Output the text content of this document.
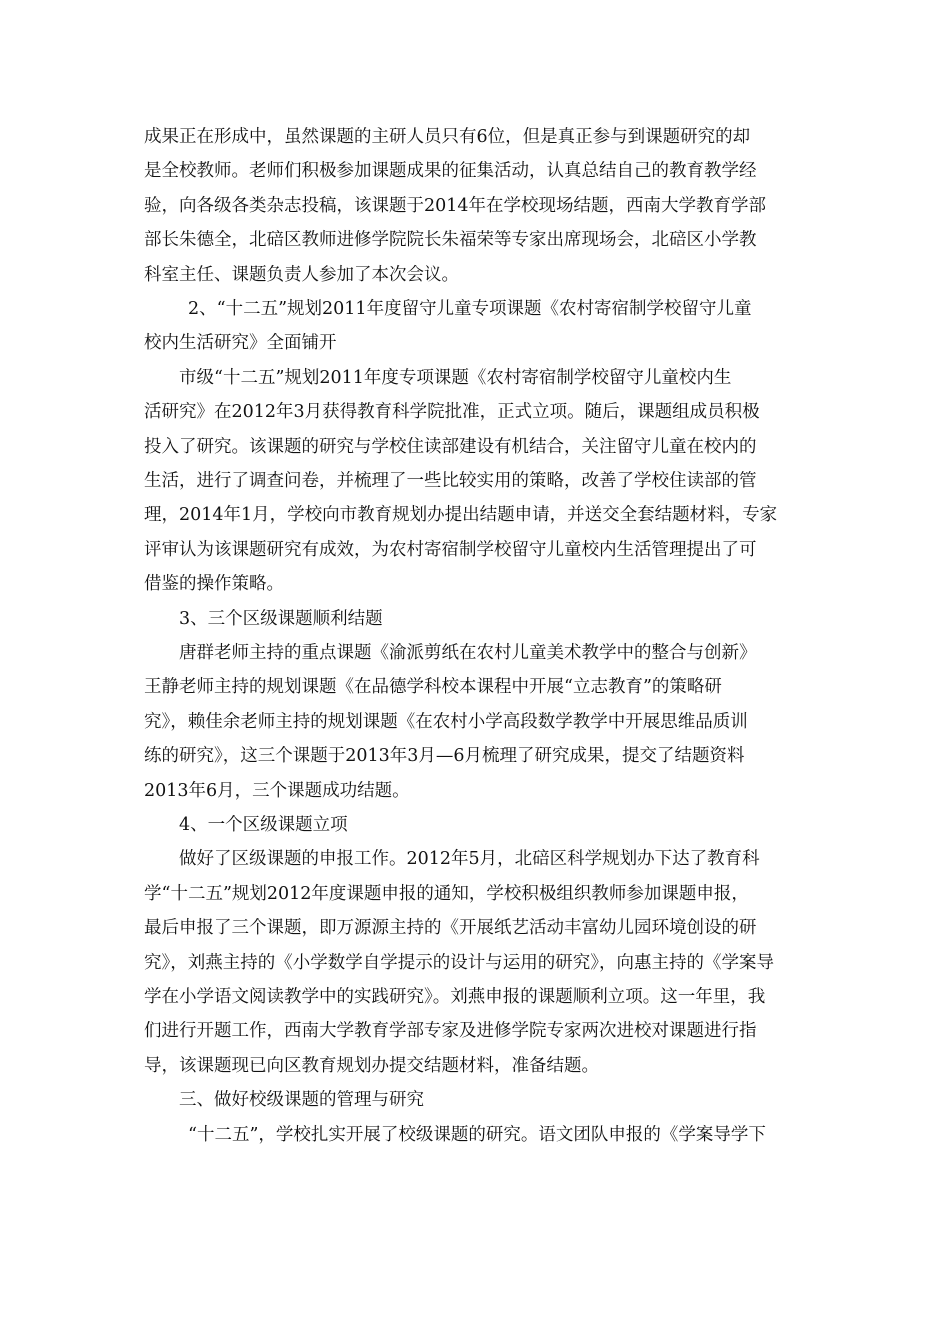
成果正在形成中，虽然课题的主研人员只有6位，但是真正参与到课题研究的却
是全校教师。老师们积极参加课题成果的征集活动，认真总结自己的教育教学经
验，向各级各类杂志投稿，该课题于2014年在学校现场结题，西南大学教育学部
部长朱德全，北碚区教师进修学院院长朱福荣等专家出席现场会，北碚区小学教
科室主任、课题负责人参加了本次会议。
2、“十二五”规划2011年度留守儿童专项课题《农村寄宿制学校留守儿童
校内生活研究》全面铺开
市级“十二五”规划2011年度专项课题《农村寄宿制学校留守儿童校内生
活研究》在2012年3月获得教育科学院批准，正式立项。随后，课题组成员积极
投入了研究。该课题的研究与学校住读部建设有机结合，关注留守儿童在校内的
生活，进行了调查问卷，并梳理了一些比较实用的策略，改善了学校住读部的管
理，2014年1月，学校向市教育规划办提出结题申请，并送交全套结题材料，专家
评审认为该课题研究有成效，为农村寄宿制学校留守儿童校内生活管理提出了可
借鉴的操作策略。
3、三个区级课题顺利结题
唐群老师主持的重点课题《渝派剪纸在农村儿童美术教学中的整合与创新》
王静老师主持的规划课题《在品德学科校本课程中开展“立志教育”的策略研
究》，赖佳余老师主持的规划课题《在农村小学高段数学教学中开展思维品质训
练的研究》，这三个课题于2013年3月—6月梳理了研究成果，提交了结题资料
2013年6月，三个课题成功结题。
4、一个区级课题立项
做好了区级课题的申报工作。2012年5月，北碚区科学规划办下达了教育科
学“十二五”规划2012年度课题申报的通知，学校积极组织教师参加课题申报，
最后申报了三个课题，即万源源主持的《开展纸艺活动丰富幼儿园环境创设的研
究》，刘燕主持的《小学数学自学提示的设计与运用的研究》，向惠主持的《学案导
学在小学语文阅读教学中的实践研究》。刘燕申报的课题顺利立项。这一年里，我
们进行开题工作，西南大学教育学部专家及进修学院专家两次进校对课题进行指
导，该课题现已向区教育规划办提交结题材料，准备结题。
三、做好校级课题的管理与研究
“十二五”，学校扎实开展了校级课题的研究。语文团队申报的《学案导学下
